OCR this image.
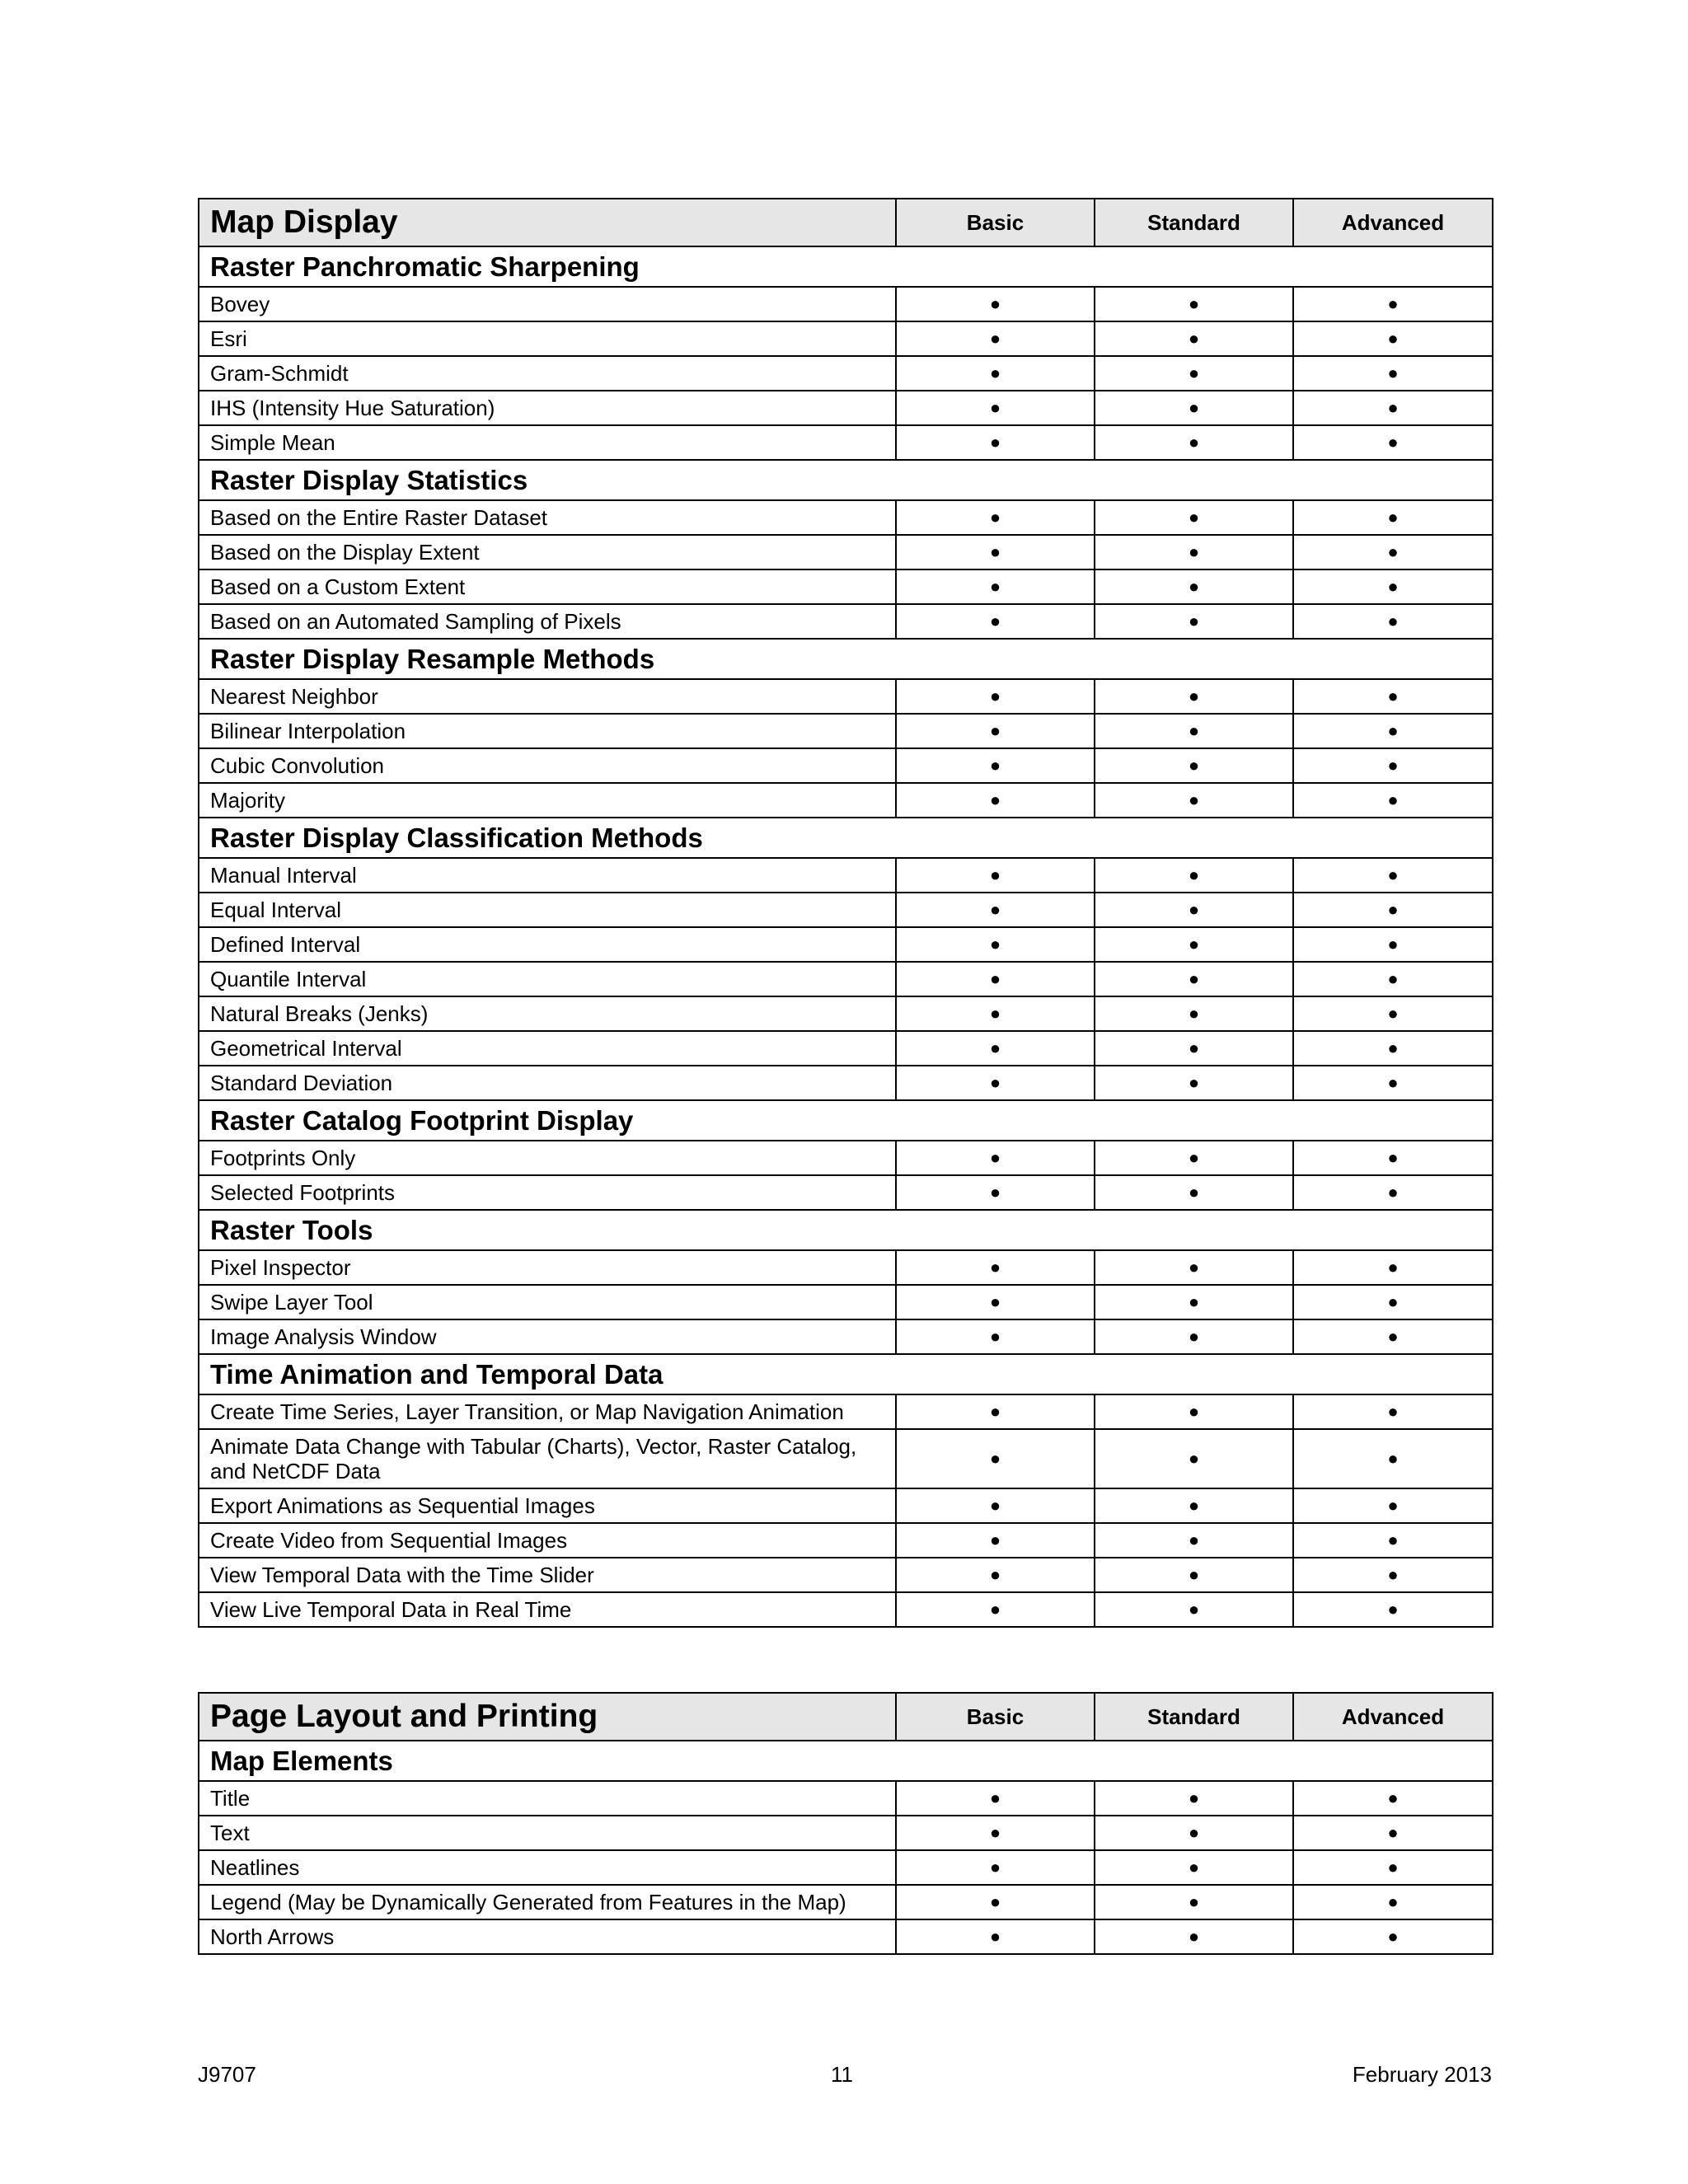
Map Display	Basic	Standard	Advanced
Raster Panchromatic Sharpening			
Bovey	●	●	●
Esri	●	●	●
Gram-Schmidt	●	●	●
IHS (Intensity Hue Saturation)	●	●	●
Simple Mean	●	●	●
Raster Display Statistics			
Based on the Entire Raster Dataset	●	●	●
Based on the Display Extent	●	●	●
Based on a Custom Extent	●	●	●
Based on an Automated Sampling of Pixels	●	●	●
Raster Display Resample Methods			
Nearest Neighbor	●	●	●
Bilinear Interpolation	●	●	●
Cubic Convolution	●	●	●
Majority	●	●	●
Raster Display Classification Methods			
Manual Interval	●	●	●
Equal Interval	●	●	●
Defined Interval	●	●	●
Quantile Interval	●	●	●
Natural Breaks (Jenks)	●	●	●
Geometrical Interval	●	●	●
Standard Deviation	●	●	●
Raster Catalog Footprint Display			
Footprints Only	●	●	●
Selected Footprints	●	●	●
Raster Tools			
Pixel Inspector	●	●	●
Swipe Layer Tool	●	●	●
Image Analysis Window	●	●	●
Time Animation and Temporal Data			
Create Time Series, Layer Transition, or Map Navigation Animation	●	●	●
Animate Data Change with Tabular (Charts), Vector, Raster Catalog, and NetCDF Data	●	●	●
Export Animations as Sequential Images	●	●	●
Create Video from Sequential Images	●	●	●
View Temporal Data with the Time Slider	●	●	●
View Live Temporal Data in Real Time	●	●	●
Page Layout and Printing	Basic	Standard	Advanced
Map Elements			
Title	●	●	●
Text	●	●	●
Neatlines	●	●	●
Legend (May be Dynamically Generated from Features in the Map)	●	●	●
North Arrows	●	●	●
J9707	11	February 2013
